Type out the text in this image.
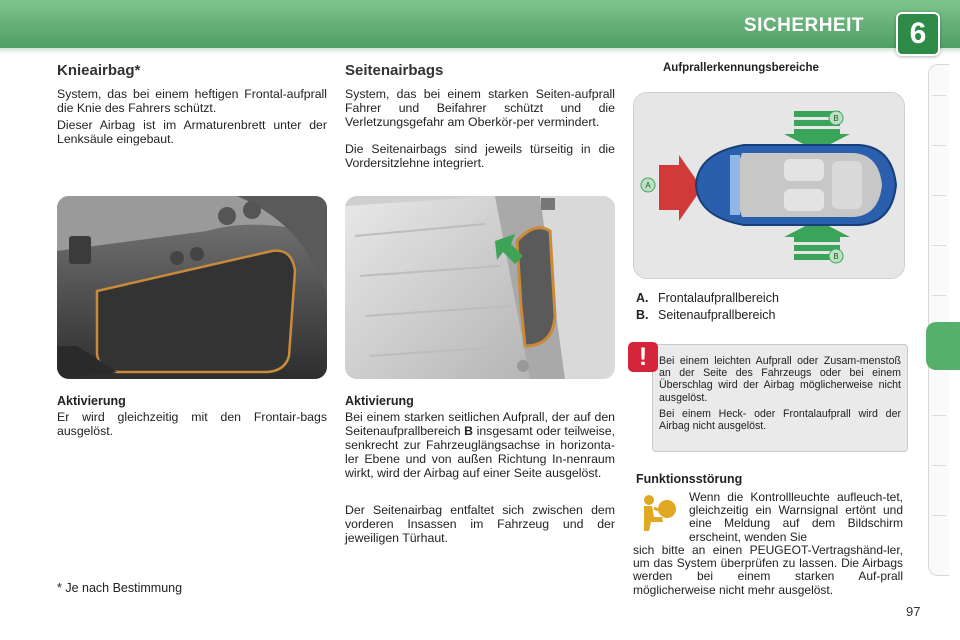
SICHERHEIT	6
Knieairbag*

System, das bei einem heftigen Frontal-aufprall die Knie des Fahrers schützt.

Dieser Airbag ist im Armaturenbrett unter der Lenksäule eingebaut.

Aktivierung

Er wird gleichzeitig mit den Frontair-bags ausgelöst.

* Je nach Bestimmung
Seitenairbags

System, das bei einem starken Seiten-aufprall Fahrer und Beifahrer schützt und die Verletzungsgefahr am Oberkör-per vermindert.

Die Seitenairbags sind jeweils türseitig in die Vordersitzlehne integriert.

Aktivierung

Bei einem starken seitlichen Aufprall, der auf den Seitenaufprallbereich B insgesamt oder teilweise, senkrecht zur Fahrzeuglängsachse in horizonta-ler Ebene und von außen Richtung In-nenraum wirkt, wird der Airbag auf einer Seite ausgelöst.

Der Seitenairbag entfaltet sich zwischen dem vorderen Insassen im Fahrzeug und der jeweiligen Türhaut.

Aufprallerkennungsbereiche
A
B
B
A. Frontalaufprallbereich
B. Seitenaufprallbereich

Bei einem leichten Aufprall oder Zusam-menstoß an der Seite des Fahrzeugs oder bei einem Überschlag wird der Airbag möglicherweise nicht ausgelöst.

Bei einem Heck- oder Frontalaufprall wird der Airbag nicht ausgelöst.

!
Funktionsstörung

Wenn die Kontrollleuchte aufleuch-tet, gleichzeitig ein Warnsignal ertönt und eine Meldung auf dem Bildschirm erscheint, wenden Sie

sich bitte an einen PEUGEOT-Vertragshänd-ler, um das System überprüfen zu lassen. Die Airbags werden bei einem starken Auf-prall möglicherweise nicht mehr ausgelöst.

97
